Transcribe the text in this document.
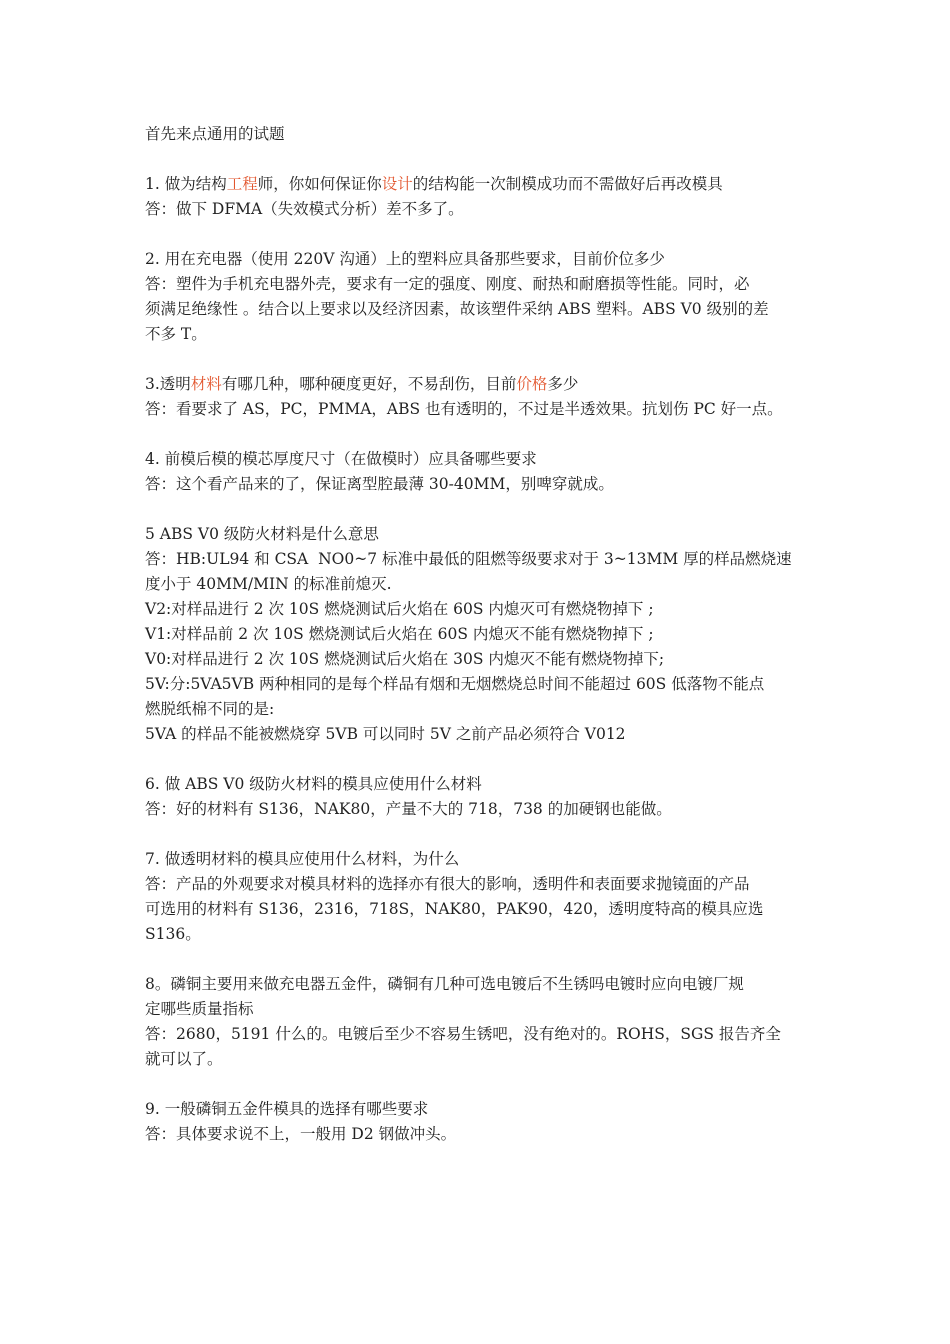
首先来点通用的试题

1. 做为结构工程师，你如何保证你设计的结构能一次制模成功而不需做好后再改模具

答：做下 DFMA（失效模式分析）差不多了。

2. 用在充电器（使用 220V 沟通）上的塑料应具备那些要求，目前价位多少

答：塑件为手机充电器外壳，要求有一定的强度、刚度、耐热和耐磨损等性能。同时，必

须满足绝缘性 。结合以上要求以及经济因素，故该塑件采纳 ABS 塑料。ABS V0 级别的差

不多 T。

3.透明材料有哪几种，哪种硬度更好，不易刮伤，目前价格多少

答：看要求了 AS，PC，PMMA，ABS 也有透明的，不过是半透效果。抗划伤 PC 好一点。

4. 前模后模的模芯厚度尺寸（在做模时）应具备哪些要求

答：这个看产品来的了，保证离型腔最薄 30-40MM，别啤穿就成。

5 ABS V0 级防火材料是什么意思

答：HB:UL94 和 CSA  NO0~7 标准中最低的阻燃等级要求对于 3~13MM 厚的样品燃烧速

度小于 40MM/MIN 的标准前熄灭.

V2:对样品进行 2 次 10S 燃烧测试后火焰在 60S 内熄灭可有燃烧物掉下 ;

V1:对样品前 2 次 10S 燃烧测试后火焰在 60S 内熄灭不能有燃烧物掉下 ;

V0:对样品进行 2 次 10S 燃烧测试后火焰在 30S 内熄灭不能有燃烧物掉下;

5V:分:5VA5VB 两种相同的是每个样品有烟和无烟燃烧总时间不能超过 60S 低落物不能点

燃脱纸棉不同的是:

5VA 的样品不能被燃烧穿 5VB 可以同时 5V 之前产品必须符合 V012

6. 做 ABS V0 级防火材料的模具应使用什么材料

答：好的材料有 S136，NAK80，产量不大的 718，738 的加硬钢也能做。

7. 做透明材料的模具应使用什么材料，为什么

答：产品的外观要求对模具材料的选择亦有很大的影响，透明件和表面要求抛镜面的产品

可选用的材料有 S136，2316，718S，NAK80，PAK90，420，透明度特高的模具应选

S136。

8。磷铜主要用来做充电器五金件，磷铜有几种可选电镀后不生锈吗电镀时应向电镀厂规

定哪些质量指标

答：2680，5191 什么的。电镀后至少不容易生锈吧，没有绝对的。ROHS，SGS 报告齐全

就可以了。

9. 一般磷铜五金件模具的选择有哪些要求

答：具体要求说不上，一般用 D2 钢做冲头。
